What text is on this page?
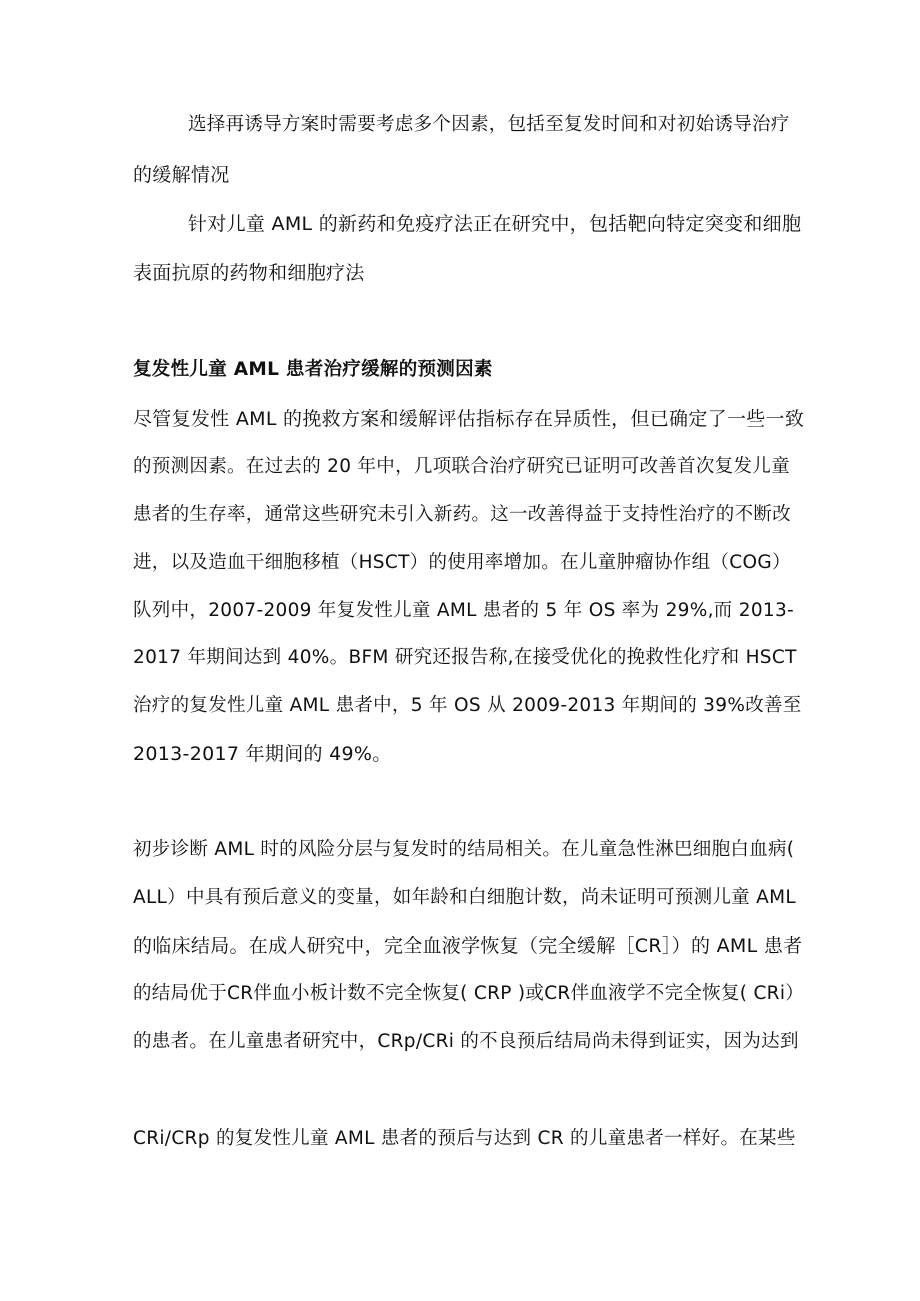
选择再诱导方案时需要考虑多个因素，包括至复发时间和对初始诱导治疗
的缓解情况
针对儿童 AML 的新药和免疫疗法正在研究中，包括靶向特定突变和细胞
表面抗原的药物和细胞疗法
复发性儿童 AML 患者治疗缓解的预测因素
尽管复发性 AML 的挽救方案和缓解评估指标存在异质性，但已确定了一些一致
的预测因素。在过去的 20 年中，几项联合治疗研究已证明可改善首次复发儿童
患者的生存率，通常这些研究未引入新药。这一改善得益于支持性治疗的不断改
进，以及造血干细胞移植（HSCT）的使用率增加。在儿童肿瘤协作组（COG）
队列中，2007-2009 年复发性儿童 AML 患者的 5 年 OS 率为 29%,而 2013-
2017 年期间达到 40%。BFM 研究还报告称,在接受优化的挽救性化疗和 HSCT
治疗的复发性儿童 AML 患者中，5 年 OS 从 2009-2013 年期间的 39%改善至
2013-2017 年期间的 49%。
初步诊断 AML 时的风险分层与复发时的结局相关。在儿童急性淋巴细胞白血病(
ALL）中具有预后意义的变量，如年龄和白细胞计数，尚未证明可预测儿童 AML
的临床结局。在成人研究中，完全血液学恢复（完全缓解［CR］）的 AML 患者
的结局优于CR伴血小板计数不完全恢复( CRP )或CR伴血液学不完全恢复( CRi）
的患者。在儿童患者研究中，CRp/CRi 的不良预后结局尚未得到证实，因为达到
CRi/CRp 的复发性儿童 AML 患者的预后与达到 CR 的儿童患者一样好。在某些
